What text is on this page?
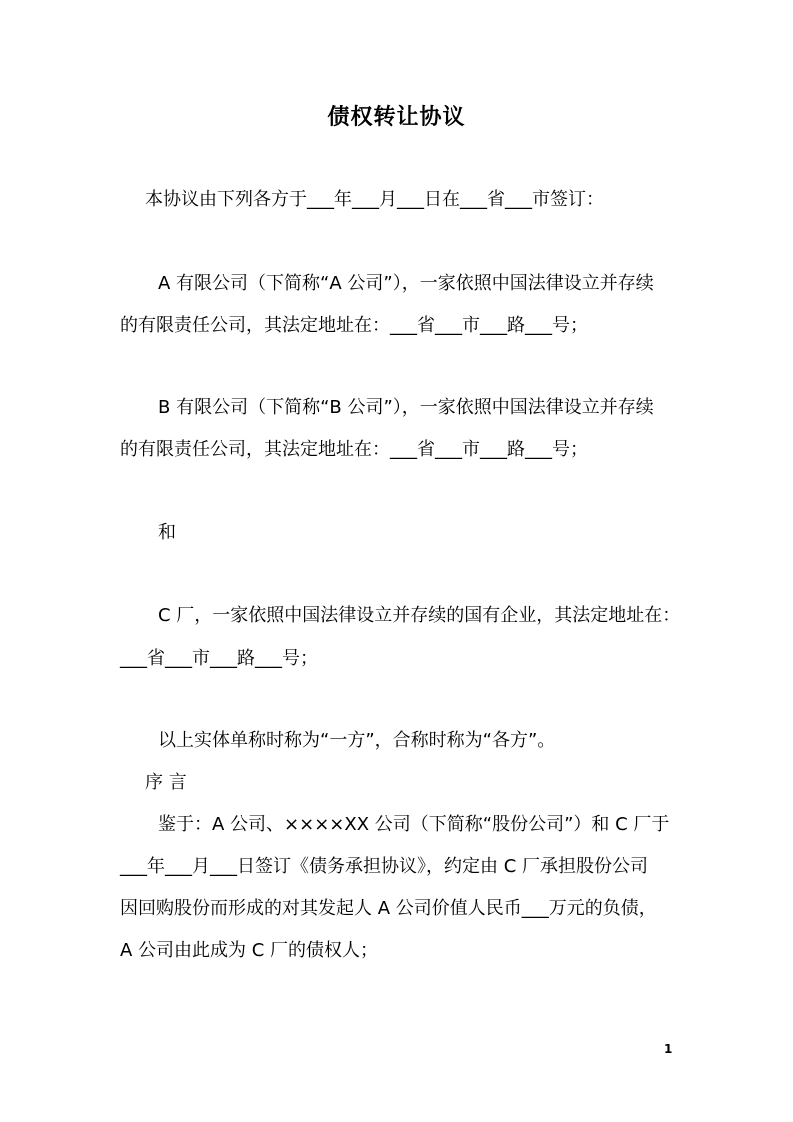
债权转让协议
本协议由下列各方于___年___月___日在___省___市签订：
A 有限公司（下简称“A 公司”），一家依照中国法律设立并存续
的有限责任公司，其法定地址在：___省___市___路___号；
B 有限公司（下简称“B 公司”），一家依照中国法律设立并存续
的有限责任公司，其法定地址在：___省___市___路___号；
和
C 厂，一家依照中国法律设立并存续的国有企业，其法定地址在：
___省___市___路___号；
以上实体单称时称为“一方”，合称时称为“各方”。
序 言
鉴于：A 公司、××××XX 公司（下简称“股份公司”）和 C 厂于
___年___月___日签订《债务承担协议》，约定由 C 厂承担股份公司
因回购股份而形成的对其发起人 A 公司价值人民币___万元的负债，
A 公司由此成为 C 厂的债权人；
1
